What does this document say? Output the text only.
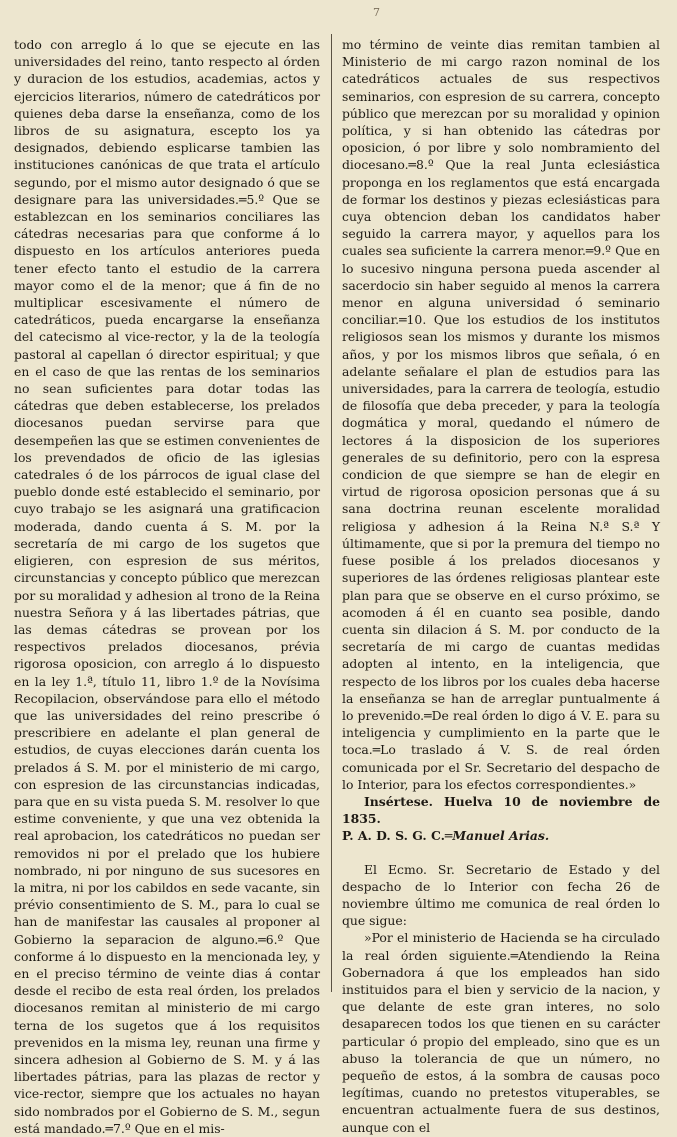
7

todo con arreglo á lo que se ejecute en las universidades del reino, tanto respecto al órden y duracion de los estudios, academias, actos y ejercicios literarios, número de catedráticos por quienes deba darse la enseñanza, como de los libros de su asignatura, escepto los ya designados, debiendo esplicarse tambien las instituciones canónicas de que trata el artículo segundo, por el mismo autor designado ó que se designare para las universidades.═5.º Que se establezcan en los seminarios conciliares las cátedras necesarias para que conforme á lo dispuesto en los artículos anteriores pueda tener efecto tanto el estudio de la carrera mayor como el de la menor; que á fin de no multiplicar escesivamente el número de catedráticos, pueda encargarse la enseñanza del catecismo al vice-rector, y la de la teología pastoral al capellan ó director espiritual; y que en el caso de que las rentas de los seminarios no sean suficientes para dotar todas las cátedras que deben establecerse, los prelados diocesanos puedan servirse para que desempeñen las que se estimen convenientes de los prevendados de oficio de las iglesias catedrales ó de los párrocos de igual clase del pueblo donde esté establecido el seminario, por cuyo trabajo se les asignará una gratificacion moderada, dando cuenta á S. M. por la secretaría de mi cargo de los sugetos que eligieren, con espresion de sus méritos, circunstancias y concepto público que merezcan por su moralidad y adhesion al trono de la Reina nuestra Señora y á las libertades pátrias, que las demas cátedras se provean por los respectivos prelados diocesanos, prévia rigorosa oposicion, con arreglo á lo dispuesto en la ley 1.ª, título 11, libro 1.º de la Novísima Recopilacion, observándose para ello el método que las universidades del reino prescribe ó prescribiere en adelante el plan general de estudios, de cuyas elecciones darán cuenta los prelados á S. M. por el ministerio de mi cargo, con espresion de las circunstancias indicadas, para que en su vista pueda S. M. resolver lo que estime conveniente, y que una vez obtenida la real aprobacion, los catedráticos no puedan ser removidos ni por el prelado que los hubiere nombrado, ni por ninguno de sus sucesores en la mitra, ni por los cabildos en sede vacante, sin prévio consentimiento de S. M., para lo cual se han de manifestar las causales al proponer al Gobierno la separacion de alguno.═6.º Que conforme á lo dispuesto en la mencionada ley, y en el preciso término de veinte dias á contar desde el recibo de esta real órden, los prelados diocesanos remitan al ministerio de mi cargo terna de los sugetos que á los requisitos prevenidos en la misma ley, reunan una firme y sincera adhesion al Gobierno de S. M. y á las libertades pátrias, para las plazas de rector y vice-rector, siempre que los actuales no hayan sido nombrados por el Gobierno de S. M., segun está mandado.═7.º Que en el mis-

mo término de veinte dias remitan tambien al Ministerio de mi cargo razon nominal de los catedráticos actuales de sus respectivos seminarios, con espresion de su carrera, concepto público que merezcan por su moralidad y opinion política, y si han obtenido las cátedras por oposicion, ó por libre y solo nombramiento del diocesano.═8.º Que la real Junta eclesiástica proponga en los reglamentos que está encargada de formar los destinos y piezas eclesiásticas para cuya obtencion deban los candidatos haber seguido la carrera mayor, y aquellos para los cuales sea suficiente la carrera menor.═9.º Que en lo sucesivo ninguna persona pueda ascender al sacerdocio sin haber seguido al menos la carrera menor en alguna universidad ó seminario conciliar.═10. Que los estudios de los institutos religiosos sean los mismos y durante los mismos años, y por los mismos libros que señala, ó en adelante señalare el plan de estudios para las universidades, para la carrera de teología, estudio de filosofía que deba preceder, y para la teología dogmática y moral, quedando el número de lectores á la disposicion de los superiores generales de su definitorio, pero con la espresa condicion de que siempre se han de elegir en virtud de rigorosa oposicion personas que á su sana doctrina reunan escelente moralidad religiosa y adhesion á la Reina N.ª S.ª Y últimamente, que si por la premura del tiempo no fuese posible á los prelados diocesanos y superiores de las órdenes religiosas plantear este plan para que se observe en el curso próximo, se acomoden á él en cuanto sea posible, dando cuenta sin dilacion á S. M. por conducto de la secretaría de mi cargo de cuantas medidas adopten al intento, en la inteligencia, que respecto de los libros por los cuales deba hacerse la enseñanza se han de arreglar puntualmente á lo prevenido.═De real órden lo digo á V. E. para su inteligencia y cumplimiento en la parte que le toca.═Lo traslado á V. S. de real órden comunicada por el Sr. Secretario del despacho de lo Interior, para los efectos correspondientes.»

Insértese. Huelva 10 de noviembre de 1835.
P. A. D. S. G. C.═Manuel Arias.

El Ecmo. Sr. Secretario de Estado y del despacho de lo Interior con fecha 26 de noviembre último me comunica de real órden lo que sigue:

»Por el ministerio de Hacienda se ha circulado la real órden siguiente.═Atendiendo la Reina Gobernadora á que los empleados han sido instituidos para el bien y servicio de la nacion, y que delante de este gran interes, no solo desaparecen todos los que tienen en su carácter particular ó propio del empleado, sino que es un abuso la tolerancia de que un número, no pequeño de estos, á la sombra de causas poco legítimas, cuando no pretestos vituperables, se encuentran actualmente fuera de sus destinos, aunque con el
